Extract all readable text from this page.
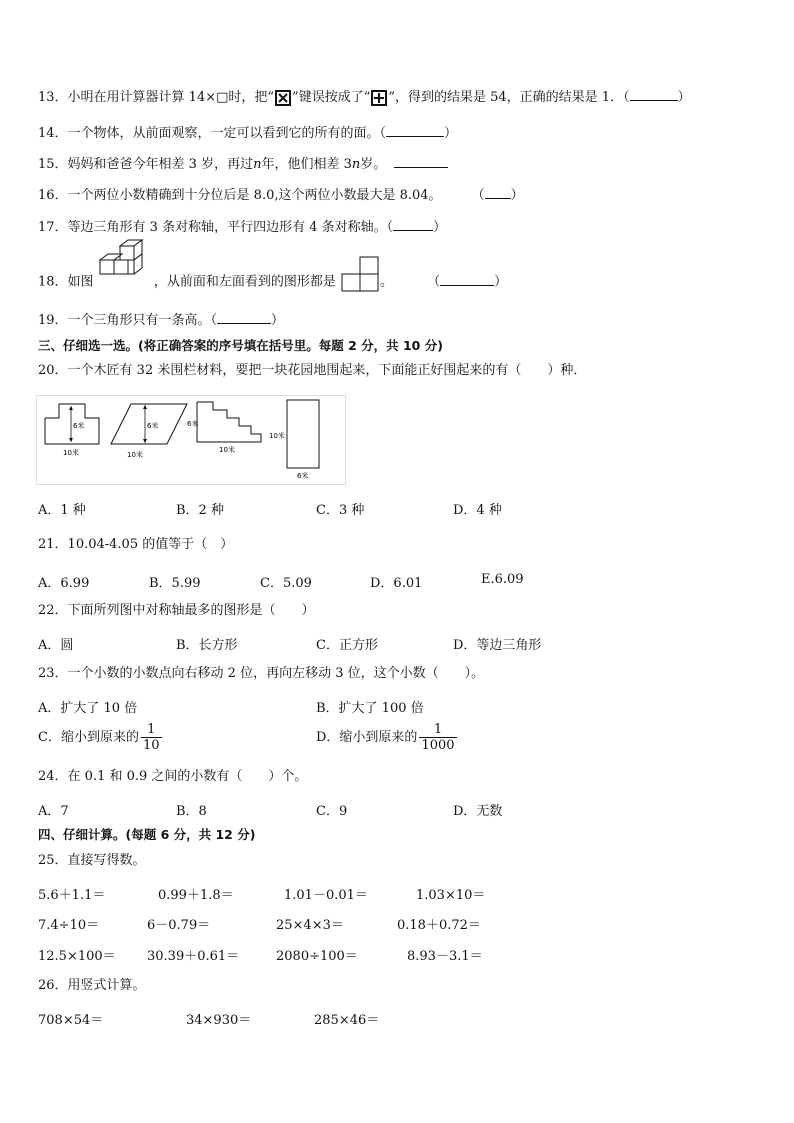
13．小明在用计算器计算 14×□时，把“ ”键误按成了“ ”，得到的结果是 54，正确的结果是 1．（	）
14．一个物体，从前面观察，一定可以看到它的所有的面。（	）
15．妈妈和爸爸今年相差 3 岁，再过n年，他们相差 3n岁。
16．一个两位小数精确到十分位后是 8.0,这个两位小数最大是 8.04。 （ ）
17．等边三角形有 3 条对称轴，平行四边形有 4 条对称轴。（	）
18．如图	，从前面和左面看到的图形都是	。	（	）
19．一个三角形只有一条高。（	）
三、仔细选一选。(将正确答案的序号填在括号里。每题 2 分，共 10 分)
20．一个木匠有 32 米围栏材料，要把一块花园地围起来，下面能正好围起来的有（　　）种．
6米
10米
6米
10米
6米
10米
10米
6米
A．1 种	B．2 种	C．3 种	D．4 种
21．10.04-4.05 的值等于（　）
A．6.99	B．5.99	C．5.09	D．6.01	E.6.09
22．下面所列图中对称轴最多的图形是（　　）
A．圆	B．长方形	C．正方形	D．等边三角形
23．一个小数的小数点向右移动 2 位，再向左移动 3 位，这个小数（　　）。
A．扩大了 10 倍	B．扩大了 100 倍
C．缩小到原来的 $\frac{1}{10}$	D．缩小到原来的 $\frac{1}{1000}$
24．在 0.1 和 0.9 之间的小数有（　　）个。
A．7	B．8	C．9	D．无数
四、仔细计算。(每题 6 分，共 12 分)
25．直接写得数。
5.6＋1.1＝	0.99＋1.8＝	1.01－0.01＝	1.03×10＝
7.4÷10＝	6－0.79＝	25×4×3＝	0.18＋0.72＝
12.5×100＝ 30.39＋0.61＝	2080÷100＝	8.93－3.1＝
26．用竖式计算。
708×54＝	34×930＝	285×46＝
